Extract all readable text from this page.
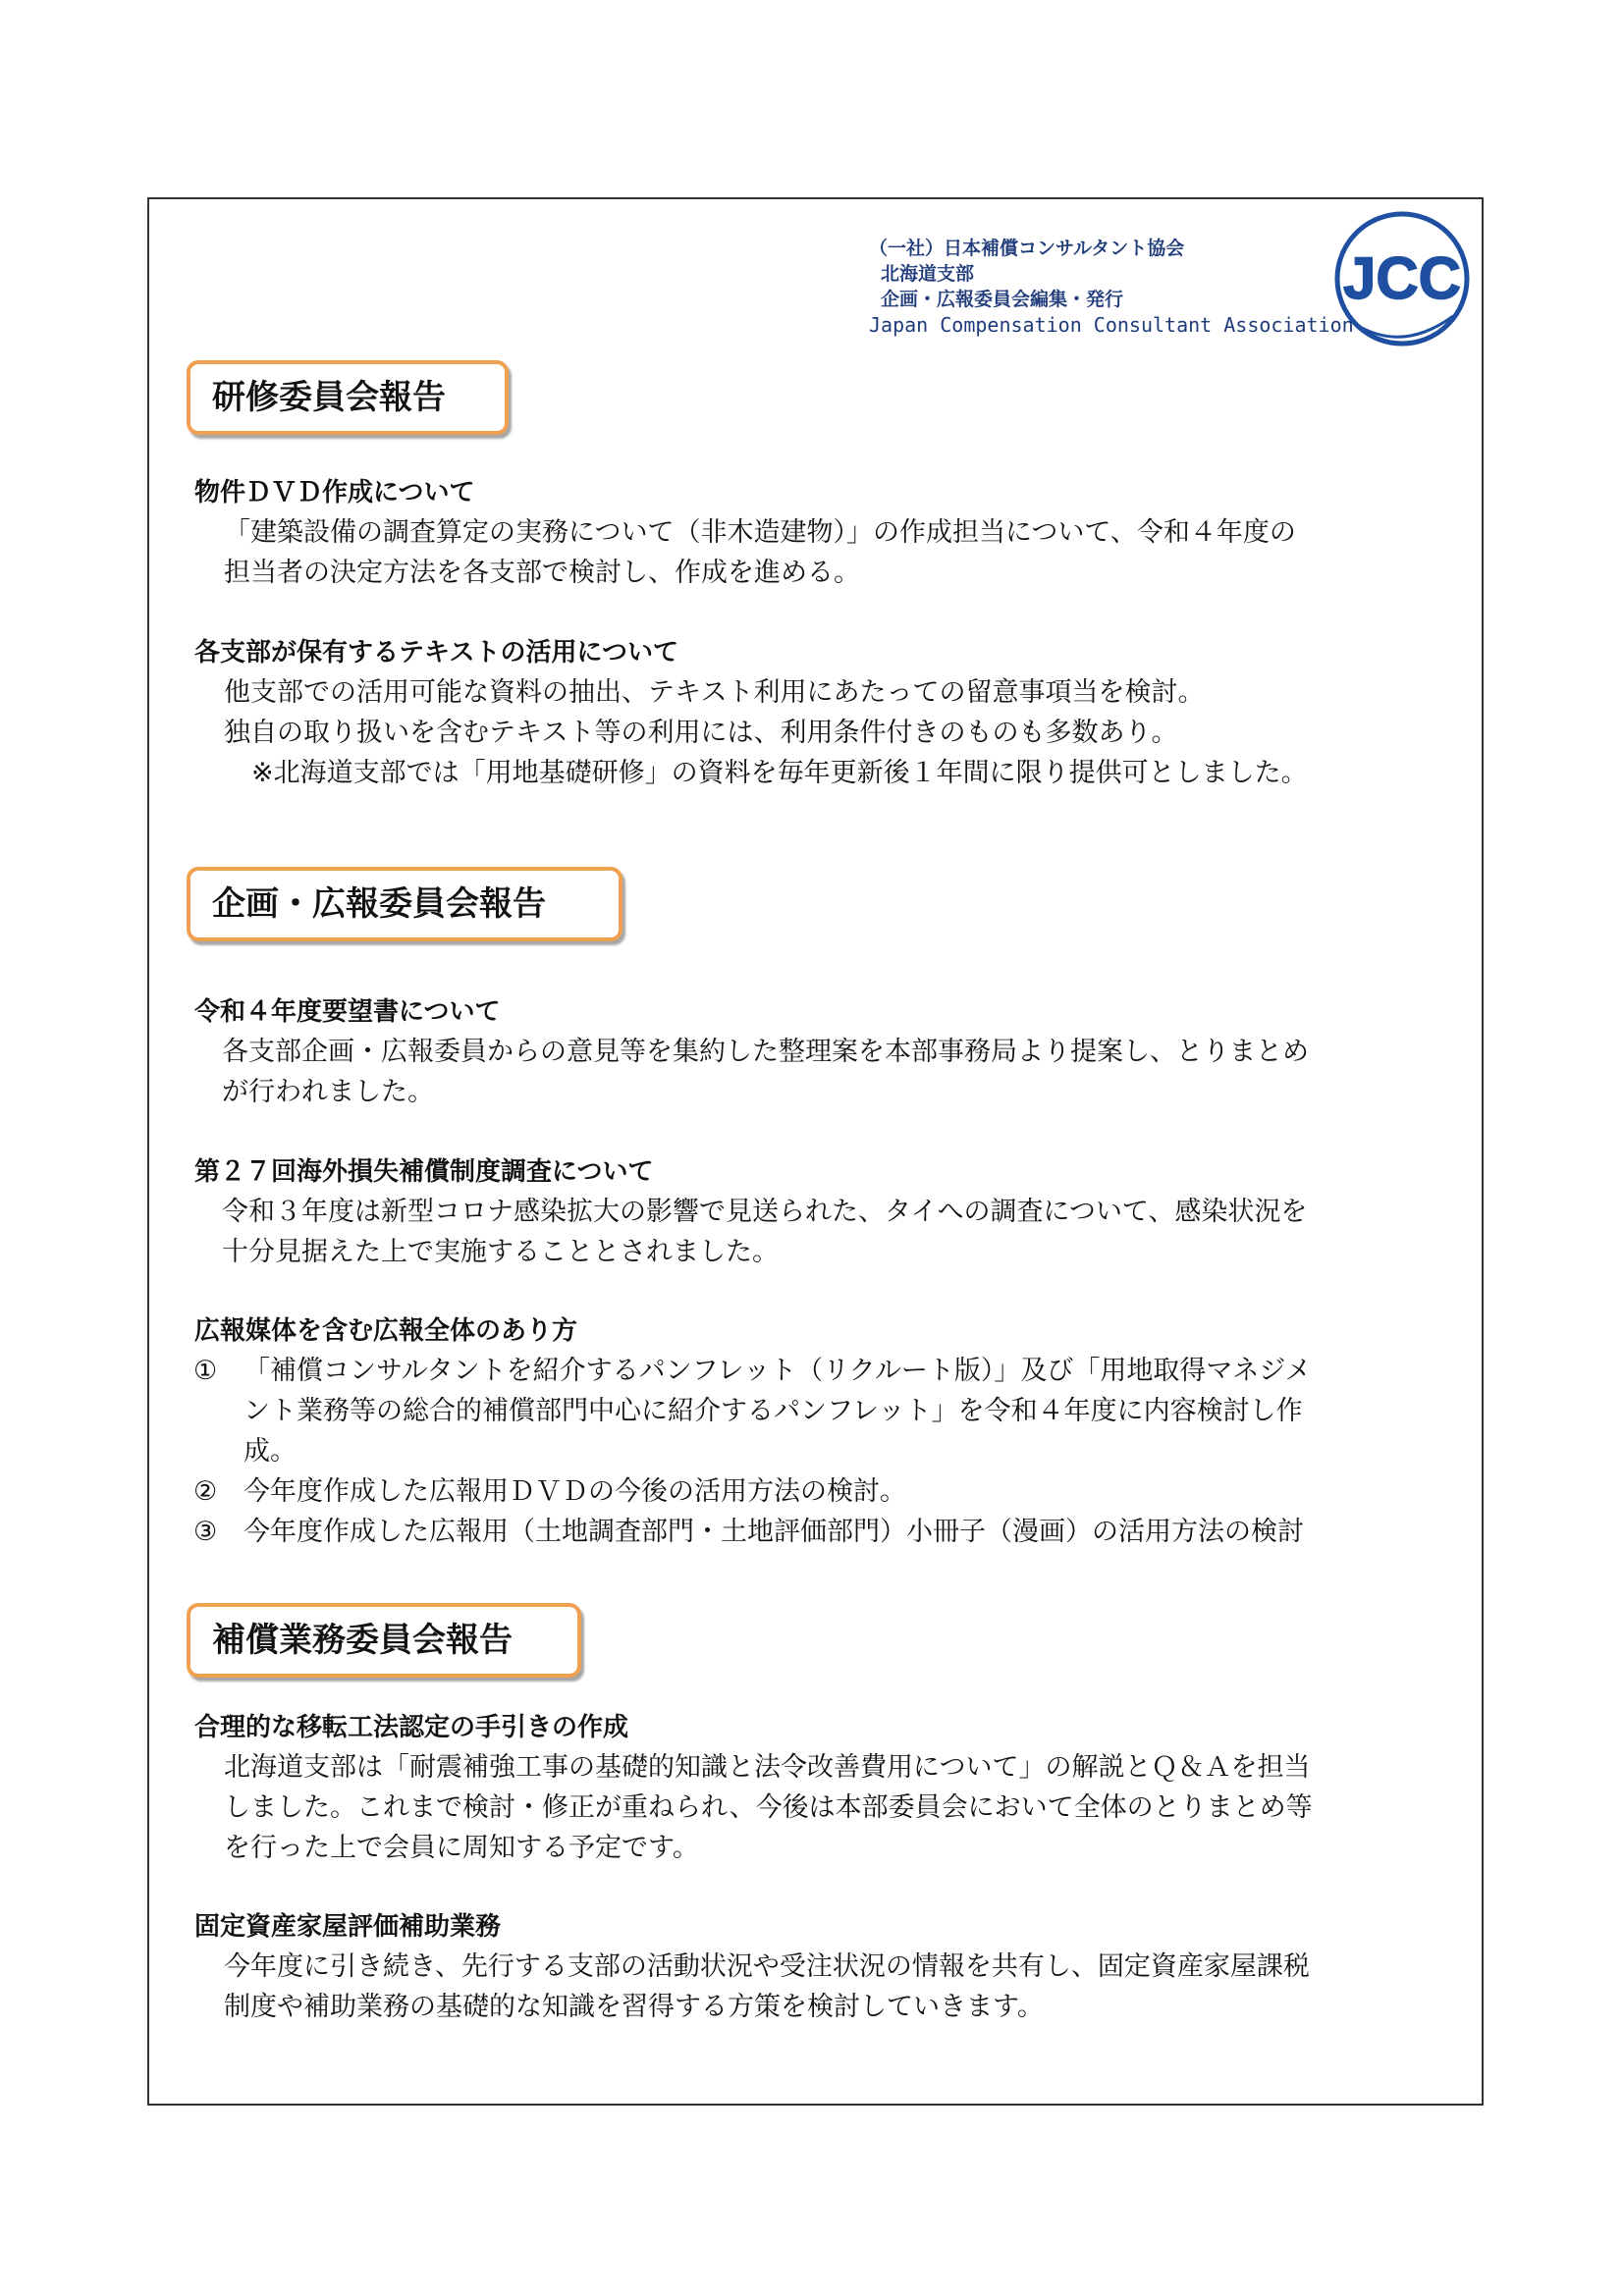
（一社）日本補償コンサルタント協会
北海道支部
企画・広報委員会編集・発行
Japan Compensation Consultant Association
JCC
研修委員会報告
物件ＤＶＤ作成について
「建築設備の調査算定の実務について（非木造建物）」の作成担当について、令和４年度の
担当者の決定方法を各支部で検討し、作成を進める。
各支部が保有するテキストの活用について
他支部での活用可能な資料の抽出、テキスト利用にあたっての留意事項当を検討。
独自の取り扱いを含むテキスト等の利用には、利用条件付きのものも多数あり。
※北海道支部では「用地基礎研修」の資料を毎年更新後１年間に限り提供可としました。
企画・広報委員会報告
令和４年度要望書について
各支部企画・広報委員からの意見等を集約した整理案を本部事務局より提案し、とりまとめ
が行われました。
第２７回海外損失補償制度調査について
令和３年度は新型コロナ感染拡大の影響で見送られた、タイへの調査について、感染状況を
十分見据えた上で実施することとされました。
広報媒体を含む広報全体のあり方
① 「補償コンサルタントを紹介するパンフレット（リクルート版）」及び「用地取得マネジメ
ント業務等の総合的補償部門中心に紹介するパンフレット」を令和４年度に内容検討し作
成。
② 今年度作成した広報用ＤＶＤの今後の活用方法の検討。
③ 今年度作成した広報用（土地調査部門・土地評価部門）小冊子（漫画）の活用方法の検討
補償業務委員会報告
合理的な移転工法認定の手引きの作成
北海道支部は「耐震補強工事の基礎的知識と法令改善費用について」の解説とＱ＆Ａを担当
しました。これまで検討・修正が重ねられ、今後は本部委員会において全体のとりまとめ等
を行った上で会員に周知する予定です。
固定資産家屋評価補助業務
今年度に引き続き、先行する支部の活動状況や受注状況の情報を共有し、固定資産家屋課税
制度や補助業務の基礎的な知識を習得する方策を検討していきます。
